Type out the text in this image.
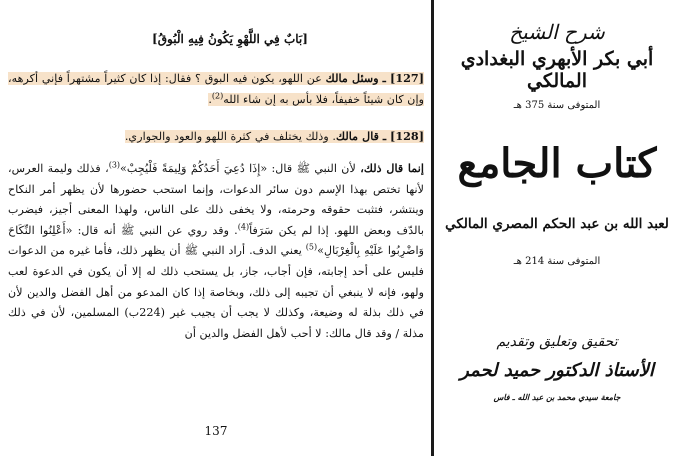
[بَابٌ فِي اللَّهْوِ يَكُونُ فِيهِ الْبُوقُ]
[127] ـ وسئل مالك عن اللهو، يكون فيه البوق ؟ فقال: إذا كان كثيراً مشتهراً فإني أكرهه، وإن كان شيئاً خفيفاً، فلا بأس به إن شاء الله$^{(2)}$.
[128] ـ قال مالك. وذلك يختلف في كثرة اللهو والعود والجواري.
إنما قال ذلك، لأن النبي ﷺ قال: «إِذَا دُعِيَ أَحَدُكُمْ وَلِيمَةً فَلْيُجِبْ»$^{(3)}$، فذلك وليمة العرس، لأنها تختص بهذا الإسم دون سائر الدعوات، وإنما استحب حضورها لأن يظهر أمر النكاح وينتشر، فتثبت حقوقه وحرمته، ولا يخفى ذلك على الناس، ولهذا المعنى أجيز، فيضرب بالدّف وبعض اللهو. إذا لم يكن سَرَفاً$^{(4)}$. وقد روي عن النبي ﷺ أنه قال: «أَعْلِنُوا النِّكَاحَ وَاضْرِبُوا عَلَيْهِ بِالْغِرْبَالِ»$^{(5)}$ يعني الدف. أراد النبي ﷺ أن يظهر ذلك، فأما غيره من الدعوات فليس على أحد إجابته، فإن أجاب، جاز، بل يستحب ذلك له إلا أن يكون في الدعوة لعب ولهو، فإنه لا ينبغي أن تجيبه إلى ذلك، وبخاصة إذا كان المدعو من أهل الفضل والدين لأن في ذلك بذلة له وضيعة، وكذلك لا يجب أن يجيب غير (224ب) المسلمين، لأن في ذلك مذلة / وقد قال مالك: لا أحب لأهل الفضل والدين أن
137
شرح الشيخ
أبي بكر الأبهري البغدادي المالكي
المتوفى سنة 375 هـ
كتاب الجامع
لعبد الله بن عبد الحكم المصري المالكي
المتوفى سنة 214 هـ
تحقيق وتعليق وتقديم
الأستاذ الدكتور حميد لحمر
جامعة سيدي محمد بن عبد الله ـ فاس
